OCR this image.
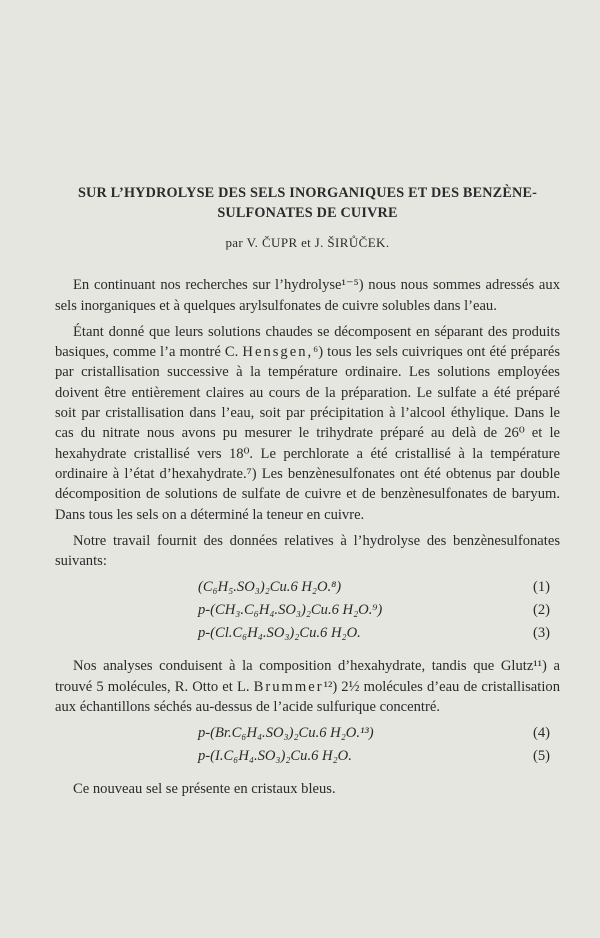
SUR L’HYDROLYSE DES SELS INORGANIQUES ET DES BENZÈNE-
SULFONATES DE CUIVRE
par V. ČUPR et J. ŠIRŮČEK.

En continuant nos recherches sur l’hydrolyse¹⁻⁵) nous nous sommes adressés aux sels inorganiques et à quelques arylsulfonates de cuivre solubles dans l’eau.

Étant donné que leurs solutions chaudes se décomposent en séparant des produits basiques, comme l’a montré C. Hensgen,⁶) tous les sels cuivriques ont été préparés par cristallisation successive à la température ordinaire. Les solutions employées doivent être entièrement claires au cours de la préparation. Le sulfate a été préparé soit par cristallisation dans l’eau, soit par précipitation à l’alcool éthylique. Dans le cas du nitrate nous avons pu mesurer le trihydrate préparé au delà de 26⁰ et le hexahydrate cristallisé vers 18⁰. Le perchlorate a été cristallisé à la température ordinaire à l’état d’hexahydrate.⁷) Les benzènesulfonates ont été obtenus par double décomposition de solutions de sulfate de cuivre et de benzènesulfonates de baryum. Dans tous les sels on a déterminé la teneur en cuivre.

Notre travail fournit des données relatives à l’hydrolyse des benzènesulfonates suivants:

(C₆H₅.SO₃)₂Cu.6 H₂O.⁸)	(1)
p-(CH₃.C₆H₄.SO₃)₂Cu.6 H₂O.⁹)	(2)
p-(Cl.C₆H₄.SO₃)₂Cu.6 H₂O.	(3)

Nos analyses conduisent à la composition d’hexahydrate, tandis que Glutz¹¹) a trouvé 5 molécules, R. Otto et L. Brummer¹²) 2½ molécules d’eau de cristallisation aux échantillons séchés au-dessus de l’acide sulfurique concentré.

p-(Br.C₆H₄.SO₃)₂Cu.6 H₂O.¹³)	(4)
p-(I.C₆H₄.SO₃)₂Cu.6 H₂O.	(5)

Ce nouveau sel se présente en cristaux bleus.
